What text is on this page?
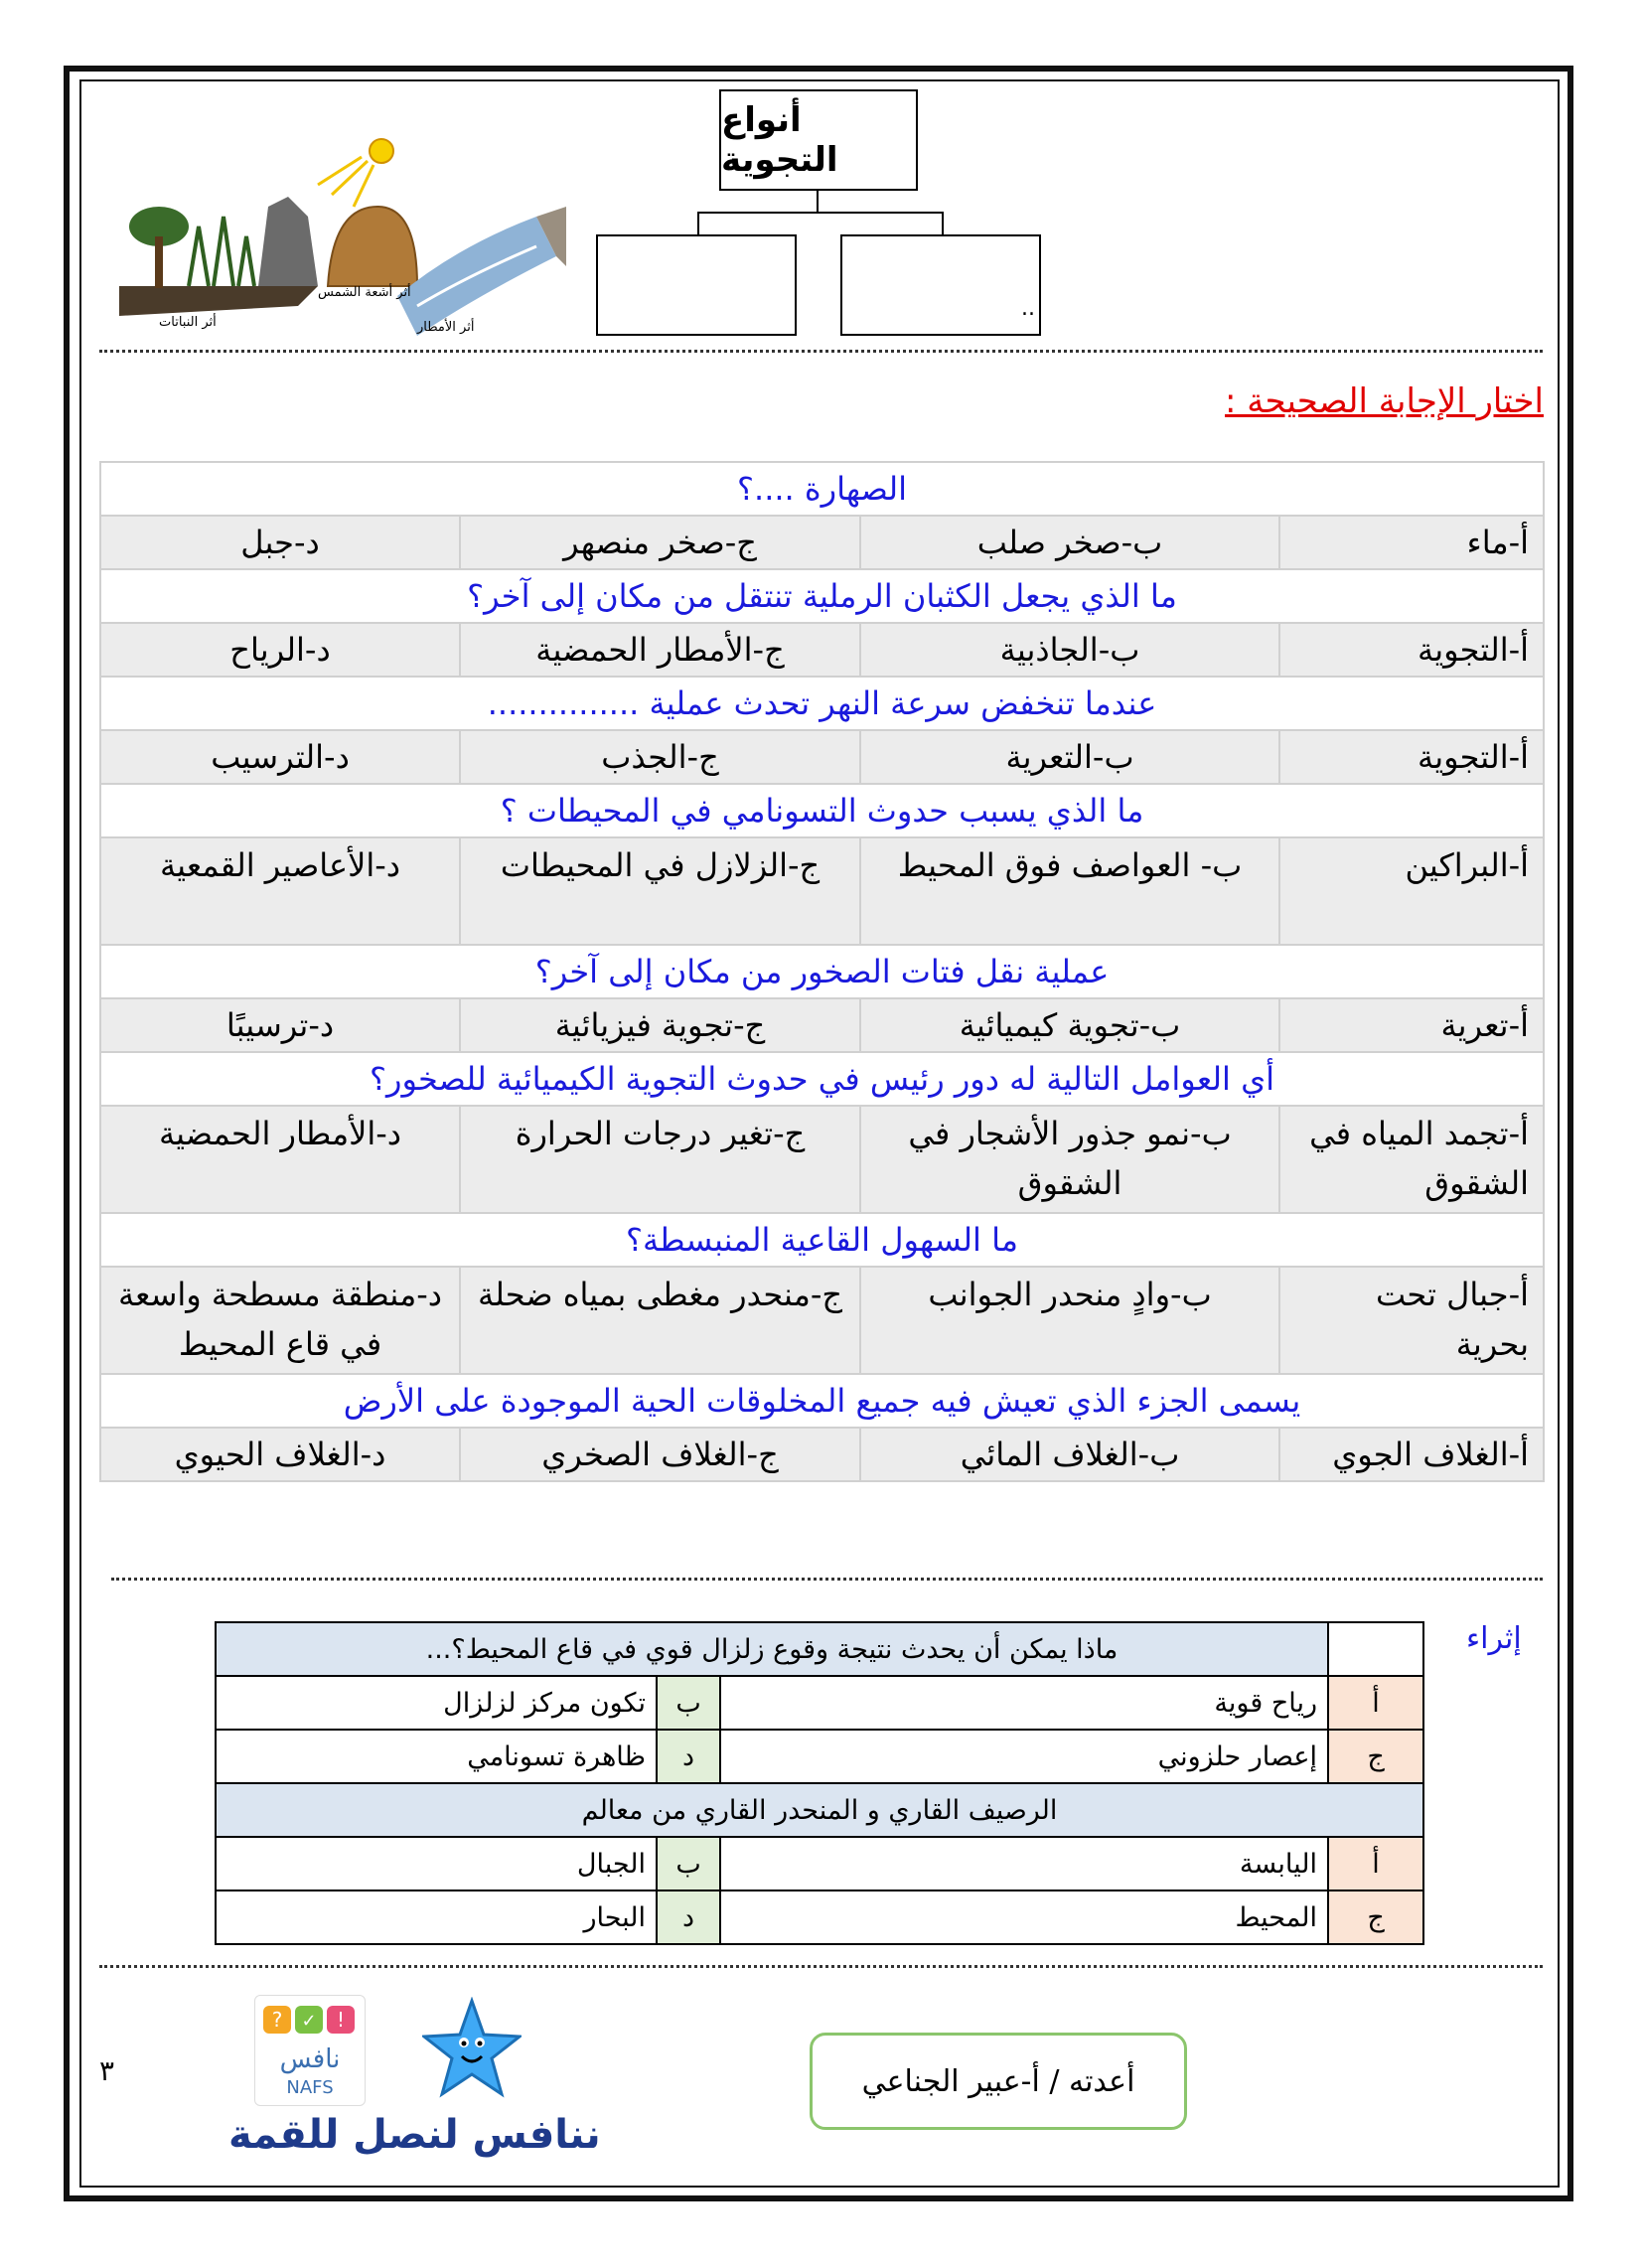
أنواع التجوية
..
أثر النباتات
أثر أشعة الشمس
أثر الأمطار
اختار الإجابة الصحيحة :
الصهارة ....؟			
أ-ماء	ب-صخر صلب	ج-صخر منصهر	د-جبل
ما الذي يجعل الكثبان الرملية تنتقل من مكان إلى آخر؟			
أ-التجوية	ب-الجاذبية	ج-الأمطار الحمضية	د-الرياح
عندما تنخفض سرعة النهر تحدث عملية ...............			
أ-التجوية	ب-التعرية	ج-الجذب	د-الترسيب
ما الذي يسبب حدوث التسونامي في المحيطات ؟			
أ-البراكين	ب- العواصف فوق المحيط	ج-الزلازل في المحيطات	د-الأعاصير القمعية
عملية نقل فتات الصخور من مكان إلى آخر؟			
أ-تعرية	ب-تجوية كيميائية	ج-تجوية فيزيائية	د-ترسيبًا
أي العوامل التالية له دور رئيس في حدوث التجوية الكيميائية للصخور؟			
أ-تجمد المياه في الشقوق	ب-نمو جذور الأشجار في الشقوق	ج-تغير درجات الحرارة	د-الأمطار الحمضية
ما السهول القاعية المنبسطة؟			
أ-جبال تحت بحرية	ب-وادٍ منحدر الجوانب	ج-منحدر مغطى بمياه ضحلة	د-منطقة مسطحة واسعة في قاع المحيط
يسمى الجزء الذي تعيش فيه جميع المخلوقات الحية الموجودة على الأرض			
أ-الغلاف الجوي	ب-الغلاف المائي	ج-الغلاف الصخري	د-الغلاف الحيوي
إثراء
	ماذا يمكن أن يحدث نتيجة وقوع زلزال قوي في قاع المحيط؟...		
أ	رياح قوية	ب	تكون مركز لزلزال
ج	إعصار حلزوني	د	ظاهرة تسونامي
الرصيف القاري و المنحدر القاري من معالم			
أ	اليابسة	ب	الجبال
ج	المحيط	د	البحار
٣
? ✓ !
نافس
NAFS
ننافس لنصل للقمة
أعدته / أ-عبير الجناعي
